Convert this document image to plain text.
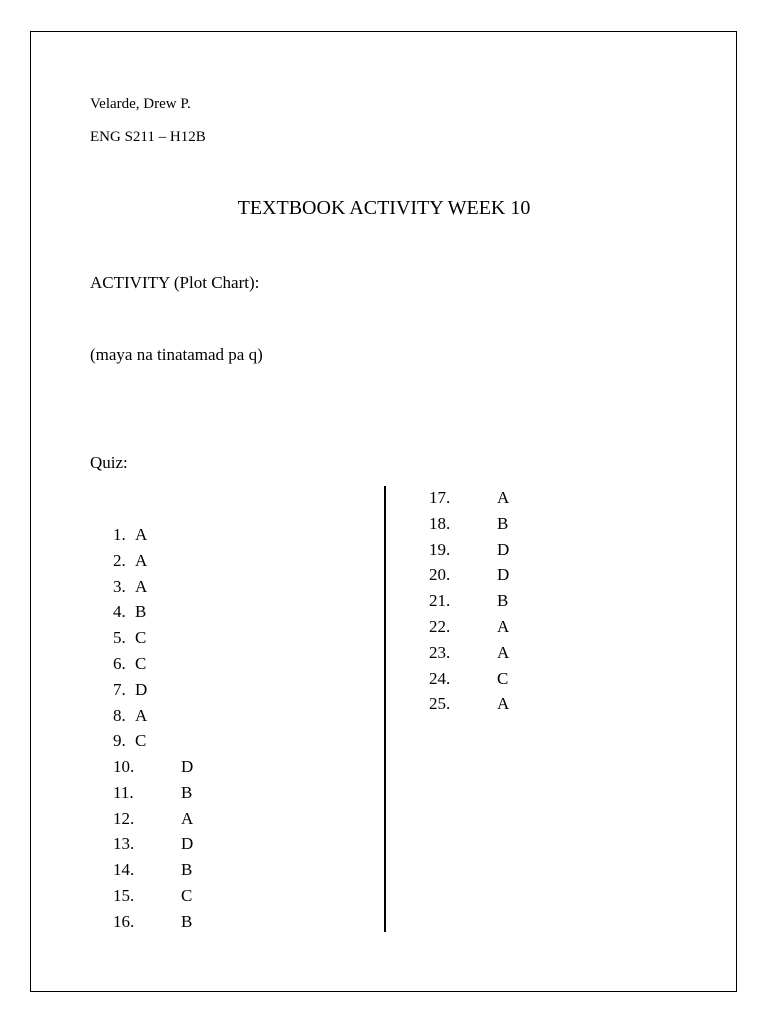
Velarde, Drew P.
ENG S211 – H12B
TEXTBOOK ACTIVITY WEEK 10
ACTIVITY (Plot Chart):
(maya na tinatamad pa q)
Quiz:
1. A
2. A
3. A
4. B
5. C
6. C
7. D
8. A
9. C
10.	D
11.	B
12.	A
13.	D
14.	B
15.	C
16.	B
17.	A
18.	B
19.	D
20.	D
21.	B
22.	A
23.	A
24.	C
25.	A
